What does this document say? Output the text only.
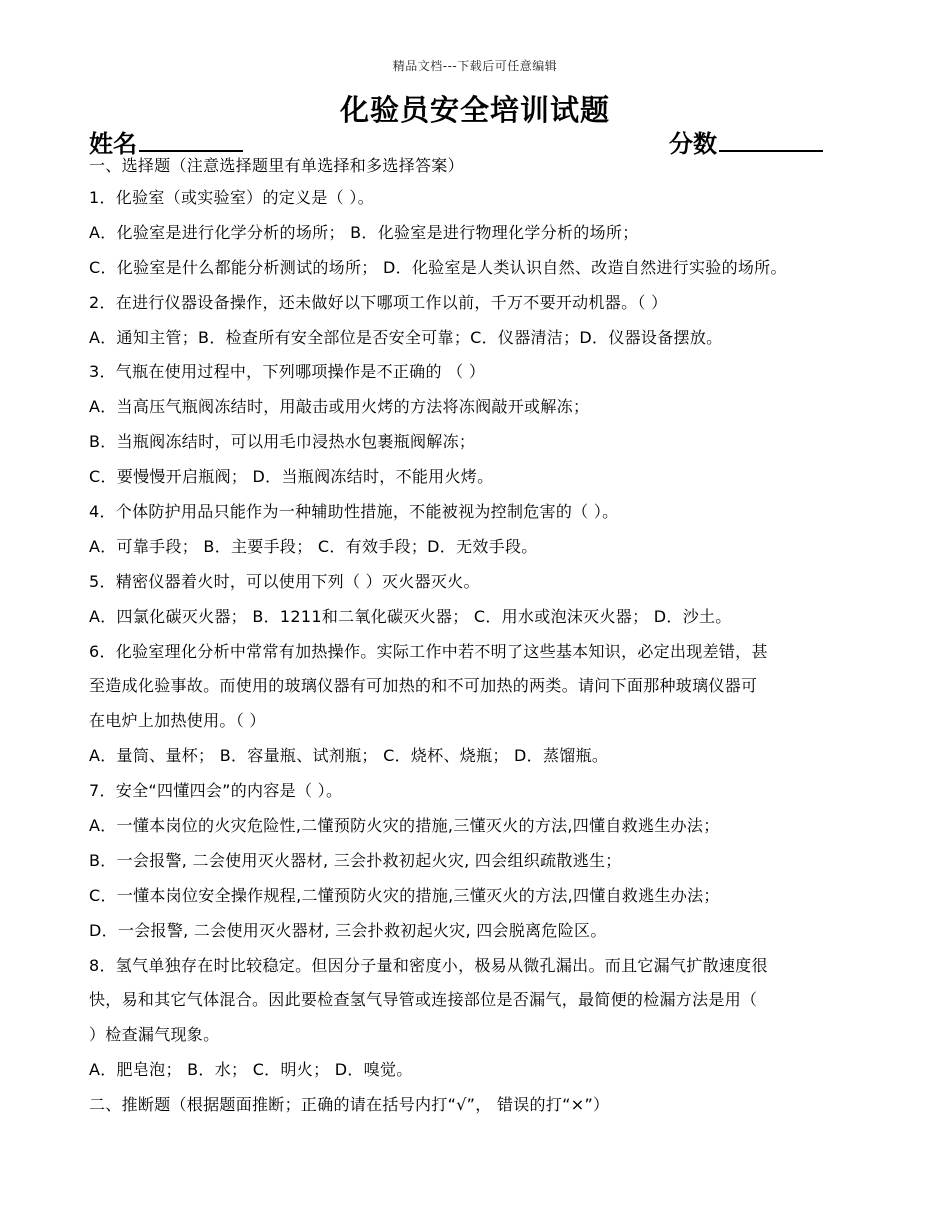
精品文档---下载后可任意编辑
化验员安全培训试题
姓名	分数
一、选择题（注意选择题里有单选择和多选择答案）
1．化验室（或实验室）的定义是（ ）。
A．化验室是进行化学分析的场所； B．化验室是进行物理化学分析的场所；
C．化验室是什么都能分析测试的场所； D．化验室是人类认识自然、改造自然进行实验的场所。
2．在进行仪器设备操作，还未做好以下哪项工作以前，千万不要开动机器。（ ）
A．通知主管；B．检查所有安全部位是否安全可靠；C．仪器清洁；D．仪器设备摆放。
3．气瓶在使用过程中，下列哪项操作是不正确的 （ ）
A．当高压气瓶阀冻结时，用敲击或用火烤的方法将冻阀敲开或解冻；
B．当瓶阀冻结时，可以用毛巾浸热水包裹瓶阀解冻；
C．要慢慢开启瓶阀； D．当瓶阀冻结时，不能用火烤。
4．个体防护用品只能作为一种辅助性措施，不能被视为控制危害的（ ）。
A．可靠手段； B．主要手段； C．有效手段；D．无效手段。
5．精密仪器着火时，可以使用下列（ ）灭火器灭火。
A．四氯化碳灭火器； B．1211和二氧化碳灭火器； C．用水或泡沫灭火器； D．沙土。
6．化验室理化分析中常常有加热操作。实际工作中若不明了这些基本知识，必定出现差错，甚
至造成化验事故。而使用的玻璃仪器有可加热的和不可加热的两类。请问下面那种玻璃仪器可
在电炉上加热使用。（ ）
A．量筒、量杯； B．容量瓶、试剂瓶； C．烧杯、烧瓶； D．蒸馏瓶。
7．安全“四懂四会”的内容是（ ）。
A．一懂本岗位的火灾危险性,二懂预防火灾的措施,三懂灭火的方法,四懂自救逃生办法；
B．一会报警, 二会使用灭火器材, 三会扑救初起火灾, 四会组织疏散逃生；
C．一懂本岗位安全操作规程,二懂预防火灾的措施,三懂灭火的方法,四懂自救逃生办法；
D．一会报警, 二会使用灭火器材, 三会扑救初起火灾, 四会脱离危险区。
8．氢气单独存在时比较稳定。但因分子量和密度小，极易从微孔漏出。而且它漏气扩散速度很
快，易和其它气体混合。因此要检查氢气导管或连接部位是否漏气，最简便的检漏方法是用（
）检查漏气现象。
A．肥皂泡； B．水； C．明火； D．嗅觉。
二、推断题（根据题面推断；正确的请在括号内打“√”， 错误的打“×”）
